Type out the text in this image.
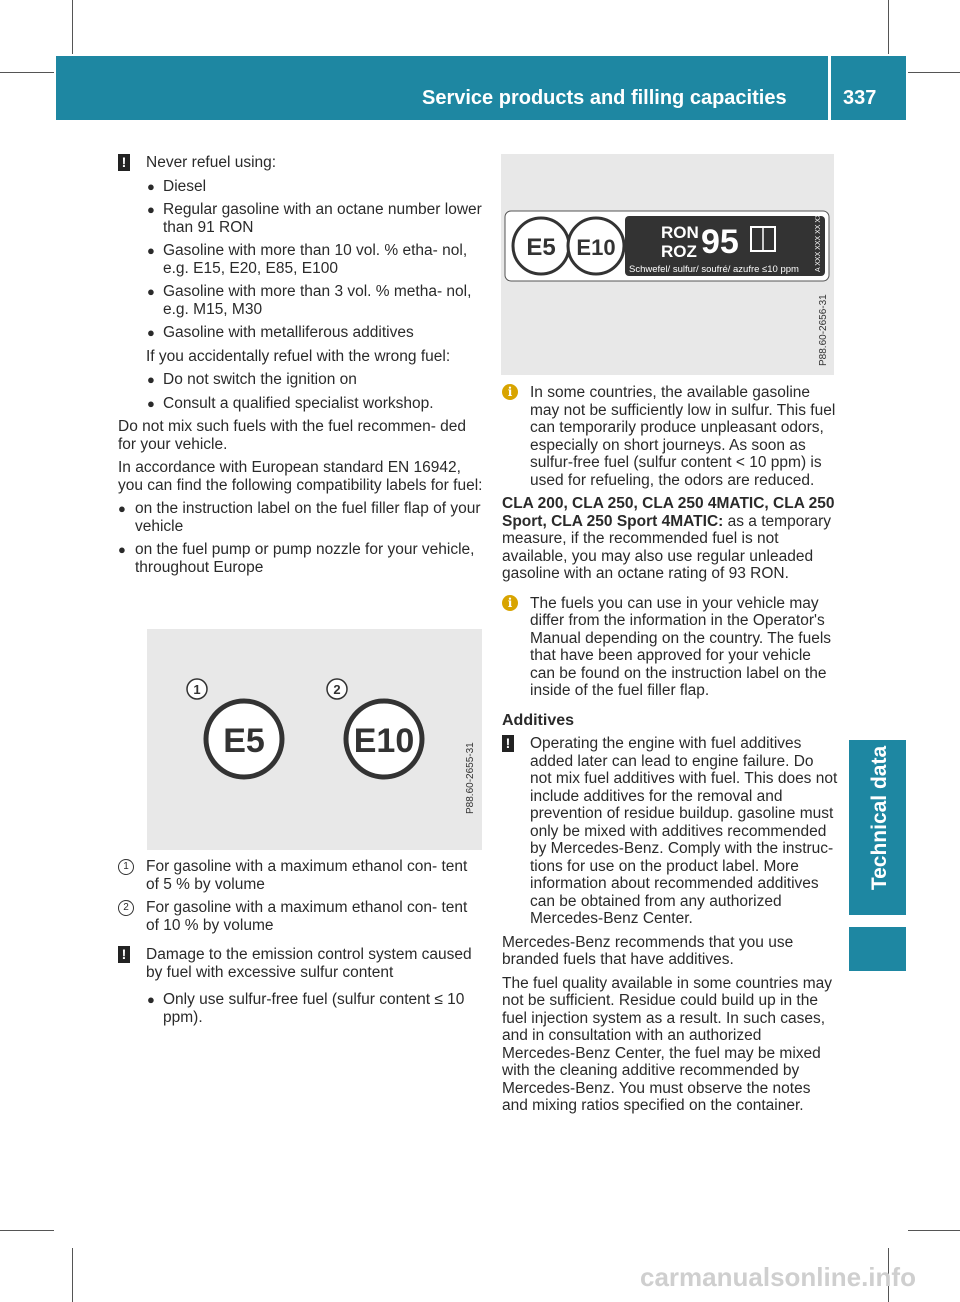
Service products and filling capacities	337
Technical data

! Never refuel using:

● Diesel

● Regular gasoline with an octane number lower than 91 RON

● Gasoline with more than 10 vol. % etha- nol, e.g. E15, E20, E85, E100

● Gasoline with more than 3 vol. % metha- nol, e.g. M15, M30

● Gasoline with metalliferous additives

If you accidentally refuel with the wrong fuel:

● Do not switch the ignition on

● Consult a qualified specialist workshop.

Do not mix such fuels with the fuel recommen- ded for your vehicle.

In accordance with European standard EN 16942, you can find the following compatibility labels for fuel:

● on the instruction label on the fuel filler flap of your vehicle

● on the fuel pump or pump nozzle for your vehicle, throughout Europe

1	2
E5	E10
P88.60-2655-31

1 For gasoline with a maximum ethanol con- tent of 5 % by volume

2 For gasoline with a maximum ethanol con- tent of 10 % by volume

! Damage to the emission control system caused by fuel with excessive sulfur content

● Only use sulfur-free fuel (sulfur content ≤ 10 ppm).

E5 E10
RON
ROZ 95
Schwefel/ sulfur/ soufré/ azufre ≤10 ppm A XXX XXX XX XX
P88.60-2656-31

i In some countries, the available gasoline may not be sufficiently low in sulfur. This fuel can temporarily produce unpleasant odors, especially on short journeys. As soon as sulfur-free fuel (sulfur content < 10 ppm) is used for refueling, the odors are reduced.

CLA 200, CLA 250, CLA 250 4MATIC, CLA 250 Sport, CLA 250 Sport 4MATIC: as a temporary measure, if the recommended fuel is not available, you may also use regular unleaded gasoline with an octane rating of 93 RON.

i The fuels you can use in your vehicle may differ from the information in the Operator's Manual depending on the country. The fuels that have been approved for your vehicle can be found on the instruction label on the inside of the fuel filler flap.

Additives

! Operating the engine with fuel additives added later can lead to engine failure. Do not mix fuel additives with fuel. This does not include additives for the removal and prevention of residue buildup. gasoline must only be mixed with additives recommended by Mercedes-Benz. Comply with the instruc- tions for use on the product label. More information about recommended additives can be obtained from any authorized Mercedes-Benz Center.

Mercedes-Benz recommends that you use branded fuels that have additives.

The fuel quality available in some countries may not be sufficient. Residue could build up in the fuel injection system as a result. In such cases, and in consultation with an authorized Mercedes-Benz Center, the fuel may be mixed with the cleaning additive recommended by Mercedes-Benz. You must observe the notes and mixing ratios specified on the container.

carmanualsonline.info
